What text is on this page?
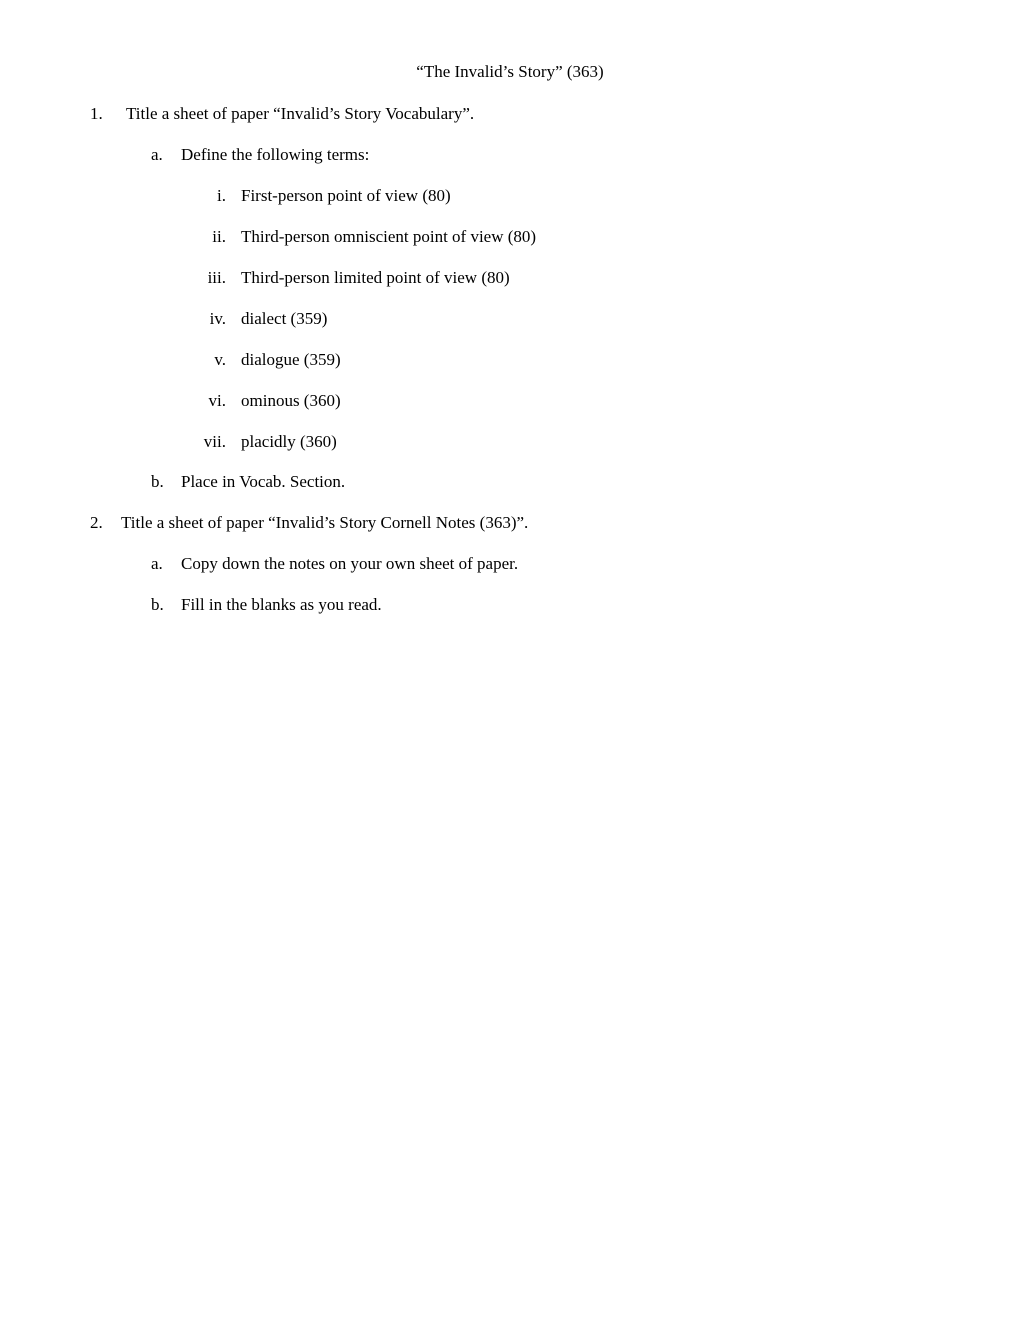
“The Invalid’s Story” (363)
1. Title a sheet of paper “Invalid’s Story Vocabulary”.
a. Define the following terms:
i. First-person point of view (80)
ii. Third-person omniscient point of view (80)
iii. Third-person limited point of view (80)
iv. dialect (359)
v. dialogue (359)
vi. ominous (360)
vii. placidly (360)
b. Place in Vocab. Section.
2. Title a sheet of paper “Invalid’s Story Cornell Notes (363)”.
a. Copy down the notes on your own sheet of paper.
b. Fill in the blanks as you read.
